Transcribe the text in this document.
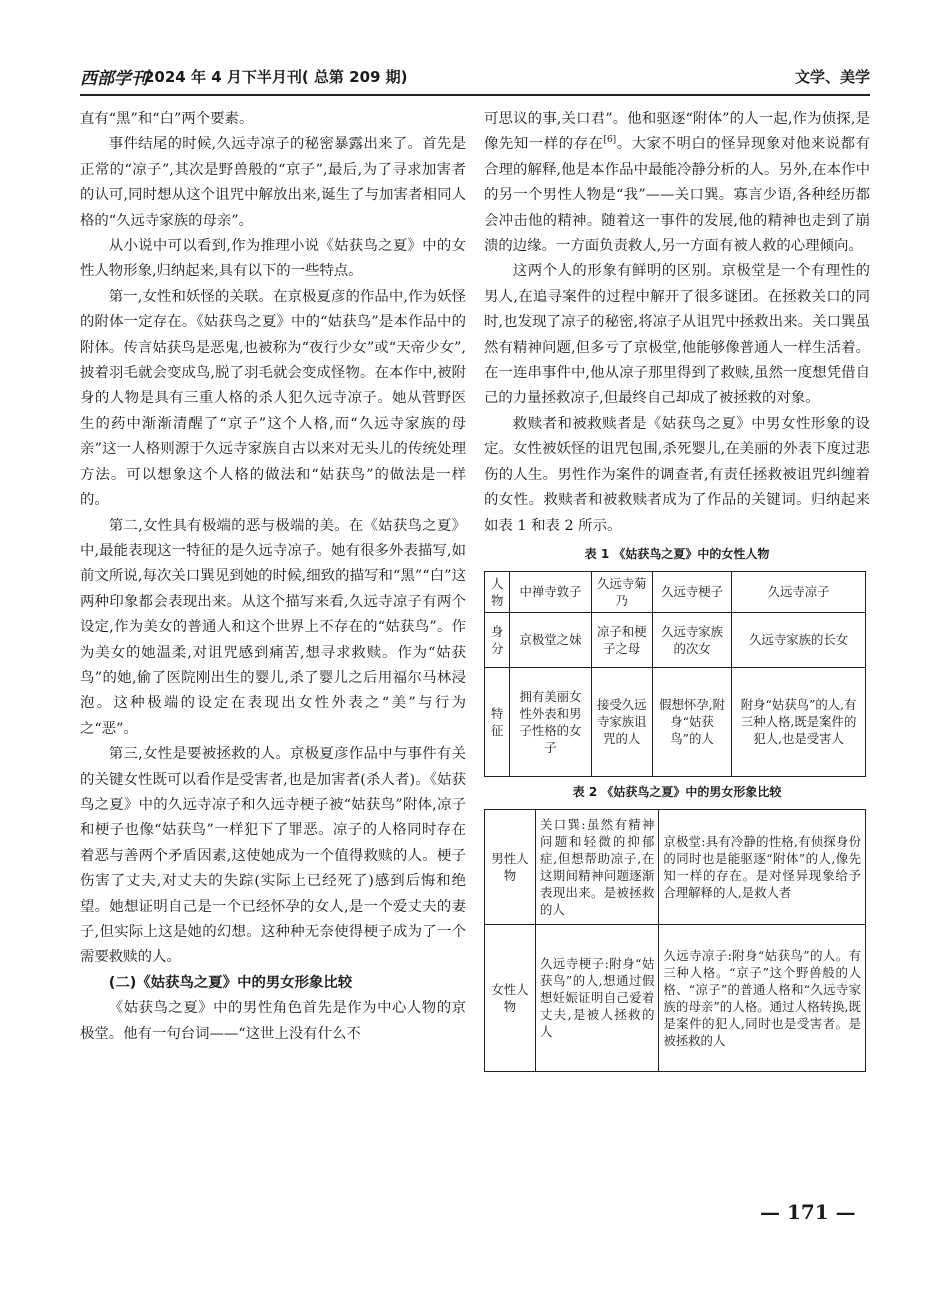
西部学刊
2024 年 4 月下半月刊( 总第 209 期)	文学、美学

直有“黑”和“白”两个要素。

事件结尾的时候,久远寺凉子的秘密暴露出来了。首先是正常的“凉子”,其次是野兽般的“京子”,最后,为了寻求加害者的认可,同时想从这个诅咒中解放出来,诞生了与加害者相同人格的“久远寺家族的母亲”。

从小说中可以看到,作为推理小说《姑获鸟之夏》中的女性人物形象,归纳起来,具有以下的一些特点。

第一,女性和妖怪的关联。在京极夏彦的作品中,作为妖怪的附体一定存在。《姑获鸟之夏》中的“姑获鸟”是本作品中的附体。传言姑获鸟是恶鬼,也被称为“夜行少女”或“天帝少女”,披着羽毛就会变成鸟,脱了羽毛就会变成怪物。在本作中,被附身的人物是具有三重人格的杀人犯久远寺凉子。她从菅野医生的药中渐渐清醒了“京子”这个人格,而“久远寺家族的母亲”这一人格则源于久远寺家族自古以来对无头儿的传统处理方法。可以想象这个人格的做法和“姑获鸟”的做法是一样的。

第二,女性具有极端的恶与极端的美。在《姑获鸟之夏》中,最能表现这一特征的是久远寺凉子。她有很多外表描写,如前文所说,每次关口巽见到她的时候,细致的描写和“黑”“白”这两种印象都会表现出来。从这个描写来看,久远寺凉子有两个设定,作为美女的普通人和这个世界上不存在的“姑获鸟”。作为美女的她温柔,对诅咒感到痛苦,想寻求救赎。作为“姑获鸟”的她,偷了医院刚出生的婴儿,杀了婴儿之后用福尔马林浸泡。这种极端的设定在表现出女性外表之“美”与行为之“恶”。

第三,女性是要被拯救的人。京极夏彦作品中与事件有关的关键女性既可以看作是受害者,也是加害者(杀人者)。《姑获鸟之夏》中的久远寺凉子和久远寺梗子被“姑获鸟”附体,凉子和梗子也像“姑获鸟”一样犯下了罪恶。凉子的人格同时存在着恶与善两个矛盾因素,这使她成为一个值得救赎的人。梗子伤害了丈夫,对丈夫的失踪(实际上已经死了)感到后悔和绝望。她想证明自己是一个已经怀孕的女人,是一个爱丈夫的妻子,但实际上这是她的幻想。这种种无奈使得梗子成为了一个需要救赎的人。

(二)《姑获鸟之夏》中的男女形象比较

《姑获鸟之夏》中的男性角色首先是作为中心人物的京极堂。他有一句台词——“这世上没有什么不

可思议的事,关口君”。他和驱逐“附体”的人一起,作为侦探,是像先知一样的存在[6]。大家不明白的怪异现象对他来说都有合理的解释,他是本作品中最能冷静分析的人。另外,在本作中的另一个男性人物是“我”——关口巽。寡言少语,各种经历都会冲击他的精神。随着这一事件的发展,他的精神也走到了崩溃的边缘。一方面负责救人,另一方面有被人救的心理倾向。

这两个人的形象有鲜明的区别。京极堂是一个有理性的男人,在追寻案件的过程中解开了很多谜团。在拯救关口的同时,也发现了凉子的秘密,将凉子从诅咒中拯救出来。关口巽虽然有精神问题,但多亏了京极堂,他能够像普通人一样生活着。在一连串事件中,他从凉子那里得到了救赎,虽然一度想凭借自己的力量拯救凉子,但最终自己却成了被拯救的对象。

救赎者和被救赎者是《姑获鸟之夏》中男女性形象的设定。女性被妖怪的诅咒包围,杀死婴儿,在美丽的外表下度过悲伤的人生。男性作为案件的调查者,有责任拯救被诅咒纠缠着的女性。救赎者和被救赎者成为了作品的关键词。归纳起来如表 1 和表 2 所示。

表 1 《姑获鸟之夏》中的女性人物
人物	中禅寺敦子	久远寺菊乃	久远寺梗子	久远寺凉子
身分	京极堂之妹	凉子和梗子之母	久远寺家族的次女	久远寺家族的长女
特征	拥有美丽女性外表和男子性格的女子	接受久远寺家族诅咒的人	假想怀孕,附身“姑获鸟”的人	附身“姑获鸟”的人,有三种人格,既是案件的犯人,也是受害人
表 2 《姑获鸟之夏》中的男女形象比较
男性人物	关口巽:虽然有精神问题和轻微的抑郁症,但想帮助凉子,在这期间精神问题逐渐表现出来。是被拯救的人	京极堂:具有冷静的性格,有侦探身份的同时也是能驱逐“附体”的人,像先知一样的存在。是对怪异现象给予合理解释的人,是救人者
女性人物	久远寺梗子:附身“姑获鸟”的人,想通过假想妊娠证明自己爱着丈夫,是被人拯救的人	久远寺凉子:附身“姑获鸟”的人。有三种人格。“京子”这个野兽般的人格、“凉子”的普通人格和“久远寺家族的母亲”的人格。通过人格转换,既是案件的犯人,同时也是受害者。是被拯救的人
— 171 —
